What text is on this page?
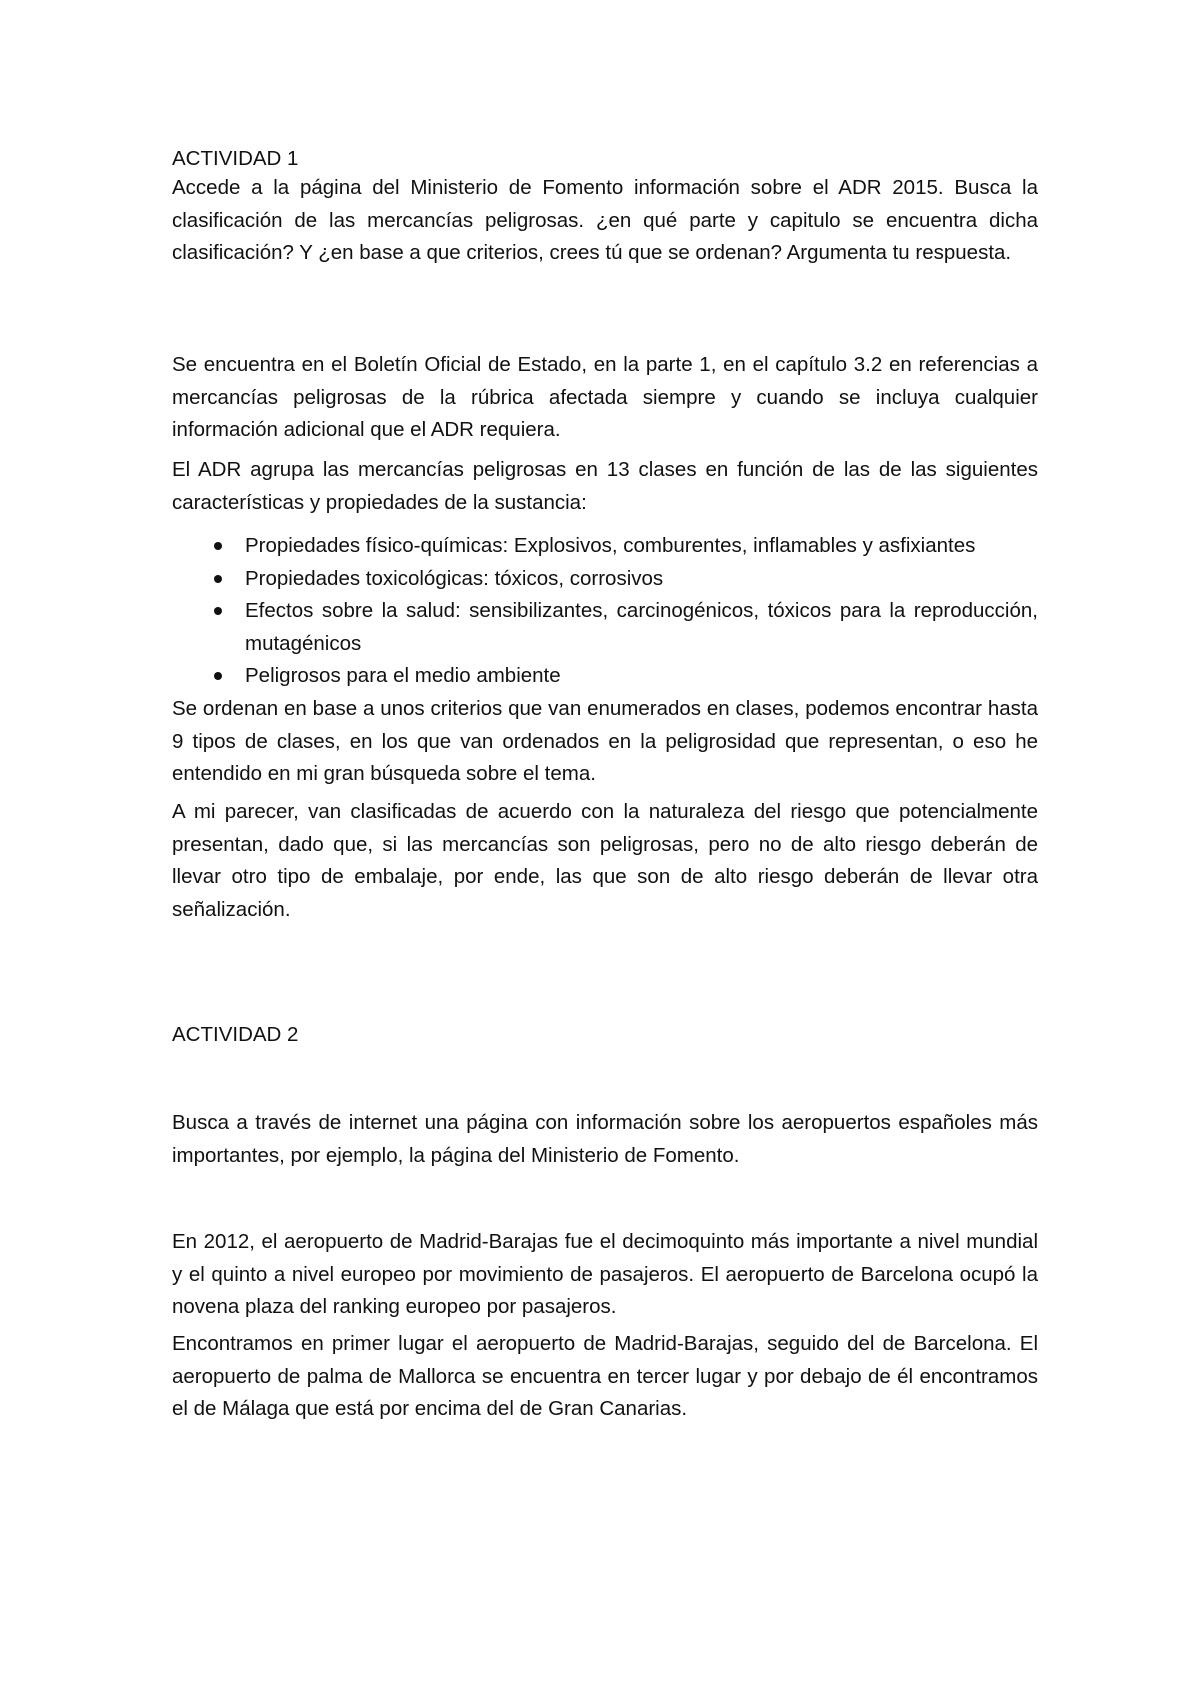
ACTIVIDAD 1

Accede a la página del Ministerio de Fomento información sobre el ADR 2015. Busca la clasificación de las mercancías peligrosas. ¿en qué parte y capitulo se encuentra dicha clasificación? Y ¿en base a que criterios, crees tú que se ordenan? Argumenta tu respuesta.

Se encuentra en el Boletín Oficial de Estado, en la parte 1, en el capítulo 3.2 en referencias a mercancías peligrosas de la rúbrica afectada siempre y cuando se incluya cualquier información adicional que el ADR requiera.

El ADR agrupa las mercancías peligrosas en 13 clases en función de las de las siguientes características y propiedades de la sustancia:

Propiedades físico-químicas: Explosivos, comburentes, inflamables y asfixiantes
Propiedades toxicológicas: tóxicos, corrosivos
Efectos sobre la salud: sensibilizantes, carcinogénicos, tóxicos para la reproducción, mutagénicos
Peligrosos para el medio ambiente

Se ordenan en base a unos criterios que van enumerados en clases, podemos encontrar hasta 9 tipos de clases, en los que van ordenados en la peligrosidad que representan, o eso he entendido en mi gran búsqueda sobre el tema.

A mi parecer, van clasificadas de acuerdo con la naturaleza del riesgo que potencialmente presentan, dado que, si las mercancías son peligrosas, pero no de alto riesgo deberán de llevar otro tipo de embalaje, por ende, las que son de alto riesgo deberán de llevar otra señalización.

ACTIVIDAD 2

Busca a través de internet una página con información sobre los aeropuertos españoles más importantes, por ejemplo, la página del Ministerio de Fomento.

En 2012, el aeropuerto de Madrid-Barajas fue el decimoquinto más importante a nivel mundial y el quinto a nivel europeo por movimiento de pasajeros. El aeropuerto de Barcelona ocupó la novena plaza del ranking europeo por pasajeros.

Encontramos en primer lugar el aeropuerto de Madrid-Barajas, seguido del de Barcelona. El aeropuerto de palma de Mallorca se encuentra en tercer lugar y por debajo de él encontramos el de Málaga que está por encima del de Gran Canarias.
